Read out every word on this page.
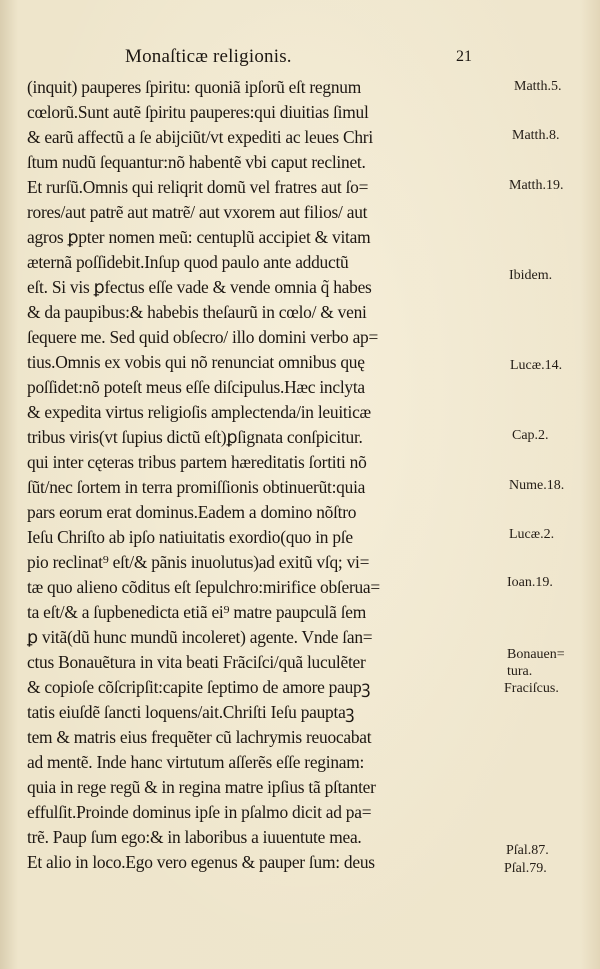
Monaſticæ religionis.	21
(inquit) pauperes ſpiritu: quoniã ipſorũ eſt regnum
cœlorũ.Sunt autẽ ſpiritu pauperes:qui diuitias ſimul
& earũ affectũ a ſe abijciũt/vt expediti ac leues Chri
ſtum nudũ ſequantur:nõ habentẽ vbi caput reclinet.
Et rurſũ.Omnis qui reliqrit domũ vel fratres aut ſo=
rores/aut patrẽ aut matrẽ/ aut vxorem aut filios/ aut
agros ꝑpter nomen meũ: centuplũ accipiet & vitam
æternã poſſidebit.Inſup quod paulo ante adductũ
eſt. Si vis ꝑfectus eſſe vade & vende omnia q̃ habes
& da paupibus:& habebis theſaurũ in cœlo/ & veni
ſequere me. Sed quid obſecro/ illo domini verbo ap=
tius.Omnis ex vobis qui nõ renunciat omnibus quę
poſſidet:nõ poteſt meus eſſe diſcipulus.Hæc inclyta
& expedita virtus religioſis amplectenda/in leuiticæ
tribus viris(vt ſupius dictũ eſt)ꝑſignata conſpicitur.
qui inter cęteras tribus partem hæreditatis ſortiti nõ
ſũt/nec ſortem in terra promiſſionis obtinuerũt:quia
pars eorum erat dominus.Eadem a domino nõſtro
Ieſu Chriſto ab ipſo natiuitatis exordio(quo in pſe
pio reclinat⁹ eſt/& pãnis inuolutus)ad exitũ vſq; vi=
tæ quo alieno cõditus eſt ſepulchro:mirifice obſerua=
ta eſt/& a ſupbenedicta etiã ei⁹ matre paupculã ſem
ꝑ vitã(dũ hunc mundũ incoleret) agente. Vnde ſan=
ctus Bonauẽtura in vita beati Frãciſci/quã luculẽter
& copioſe cõſcripſit:capite ſeptimo de amore paupꝫ
tatis eiuſdẽ ſancti loquens/ait.Chriſti Ieſu pauptaꝫ
tem & matris eius frequẽter cũ lachrymis reuocabat
ad mentẽ. Inde hanc virtutum aſſerẽs eſſe reginam:
quia in rege regũ & in regina matre ipſius tã pſtanter
effulſit.Proinde dominus ipſe in pſalmo dicit ad pa=
trẽ. Paup ſum ego:& in laboribus a iuuentute mea.
Et alio in loco.Ego vero egenus & pauper ſum: deus
Matth.5.
Matth.8.
Matth.19.
Ibidem.
Lucæ.14.
Cap.2.
Nume.18.
Lucæ.2.
Ioan.19.
Bonauen=
tura.
Fraciſcus.
Pſal.87.
Pſal.79.
